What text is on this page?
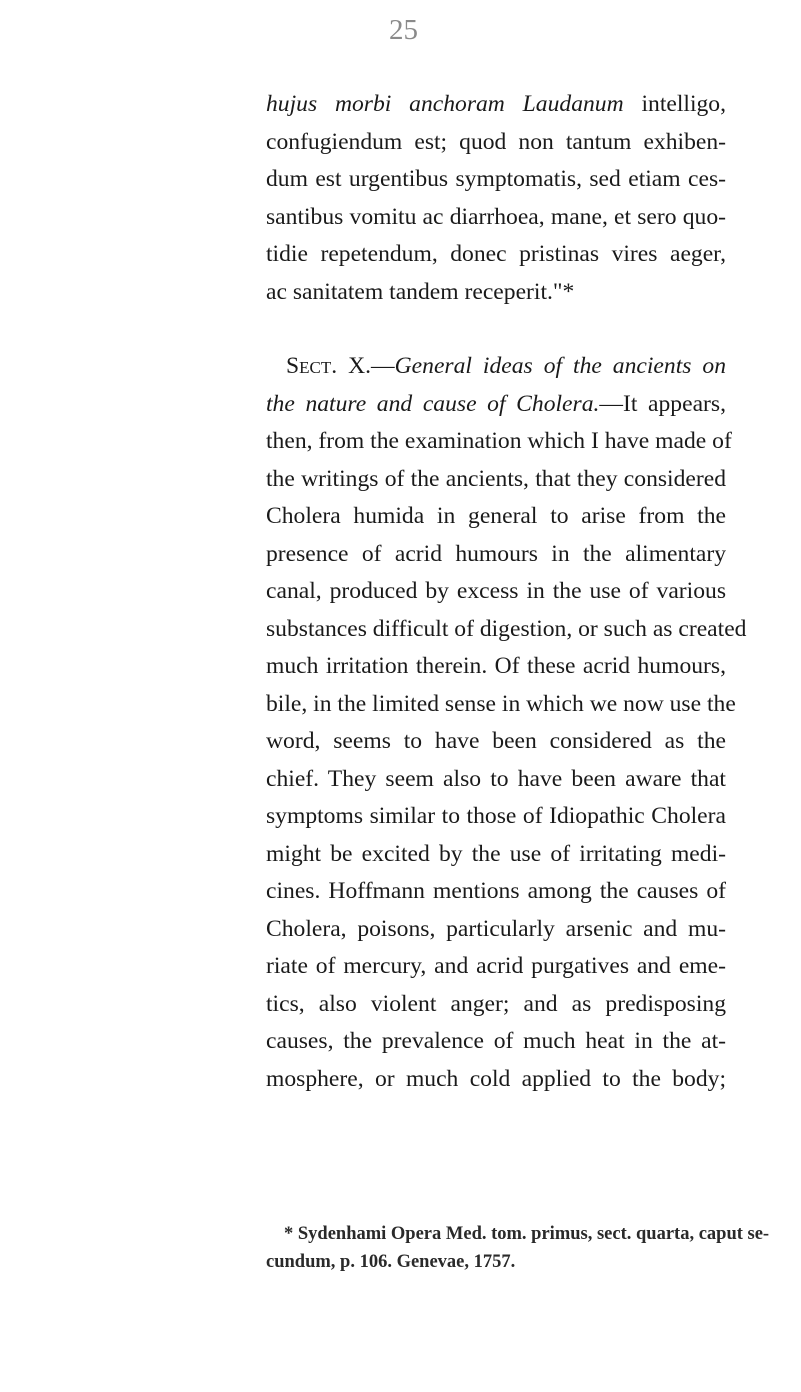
25
hujus morbi anchoram Laudanum intelligo,
confugiendum est; quod non tantum exhiben-
dum est urgentibus symptomatis, sed etiam ces-
santibus vomitu ac diarrhoea, mane, et sero quo-
tidie repetendum, donec pristinas vires aeger,
ac sanitatem tandem receperit."*
Sect. X.—General ideas of the ancients on
the nature and cause of Cholera.—It appears,
then, from the examination which I have made of
the writings of the ancients, that they considered
Cholera humida in general to arise from the
presence of acrid humours in the alimentary
canal, produced by excess in the use of various
substances difficult of digestion, or such as created
much irritation therein. Of these acrid humours,
bile, in the limited sense in which we now use the
word, seems to have been considered as the
chief. They seem also to have been aware that
symptoms similar to those of Idiopathic Cholera
might be excited by the use of irritating medi-
cines. Hoffmann mentions among the causes of
Cholera, poisons, particularly arsenic and mu-
riate of mercury, and acrid purgatives and eme-
tics, also violent anger; and as predisposing
causes, the prevalence of much heat in the at-
mosphere, or much cold applied to the body;
* Sydenhami Opera Med. tom. primus, sect. quarta, caput se-
cundum, p. 106. Genevae, 1757.
